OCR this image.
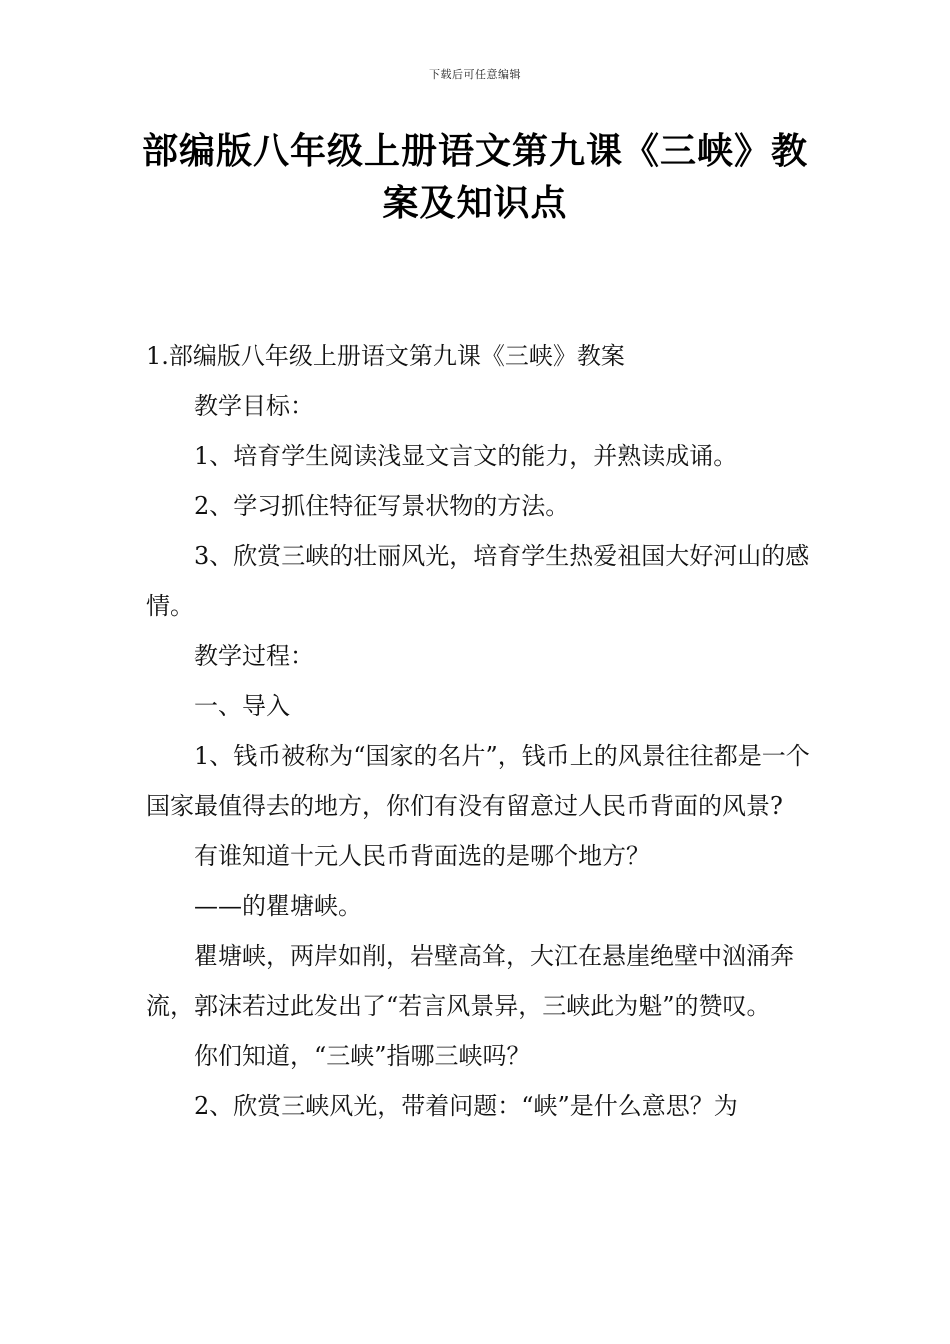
下载后可任意编辑
部编版八年级上册语文第九课《三峡》教案及知识点

1.部编版八年级上册语文第九课《三峡》教案

教学目标：

1、培育学生阅读浅显文言文的能力，并熟读成诵。

2、学习抓住特征写景状物的方法。

3、欣赏三峡的壮丽风光，培育学生热爱祖国大好河山的感情。

教学过程：

一、导入

1、钱币被称为“国家的名片”，钱币上的风景往往都是一个国家最值得去的地方，你们有没有留意过人民币背面的风景?

有谁知道十元人民币背面选的是哪个地方？

——的瞿塘峡。

瞿塘峡，两岸如削，岩壁高耸，大江在悬崖绝壁中汹涌奔流，郭沫若过此发出了“若言风景异，三峡此为魁”的赞叹。

你们知道，“三峡”指哪三峡吗？

2、欣赏三峡风光，带着问题：“峡”是什么意思？为
